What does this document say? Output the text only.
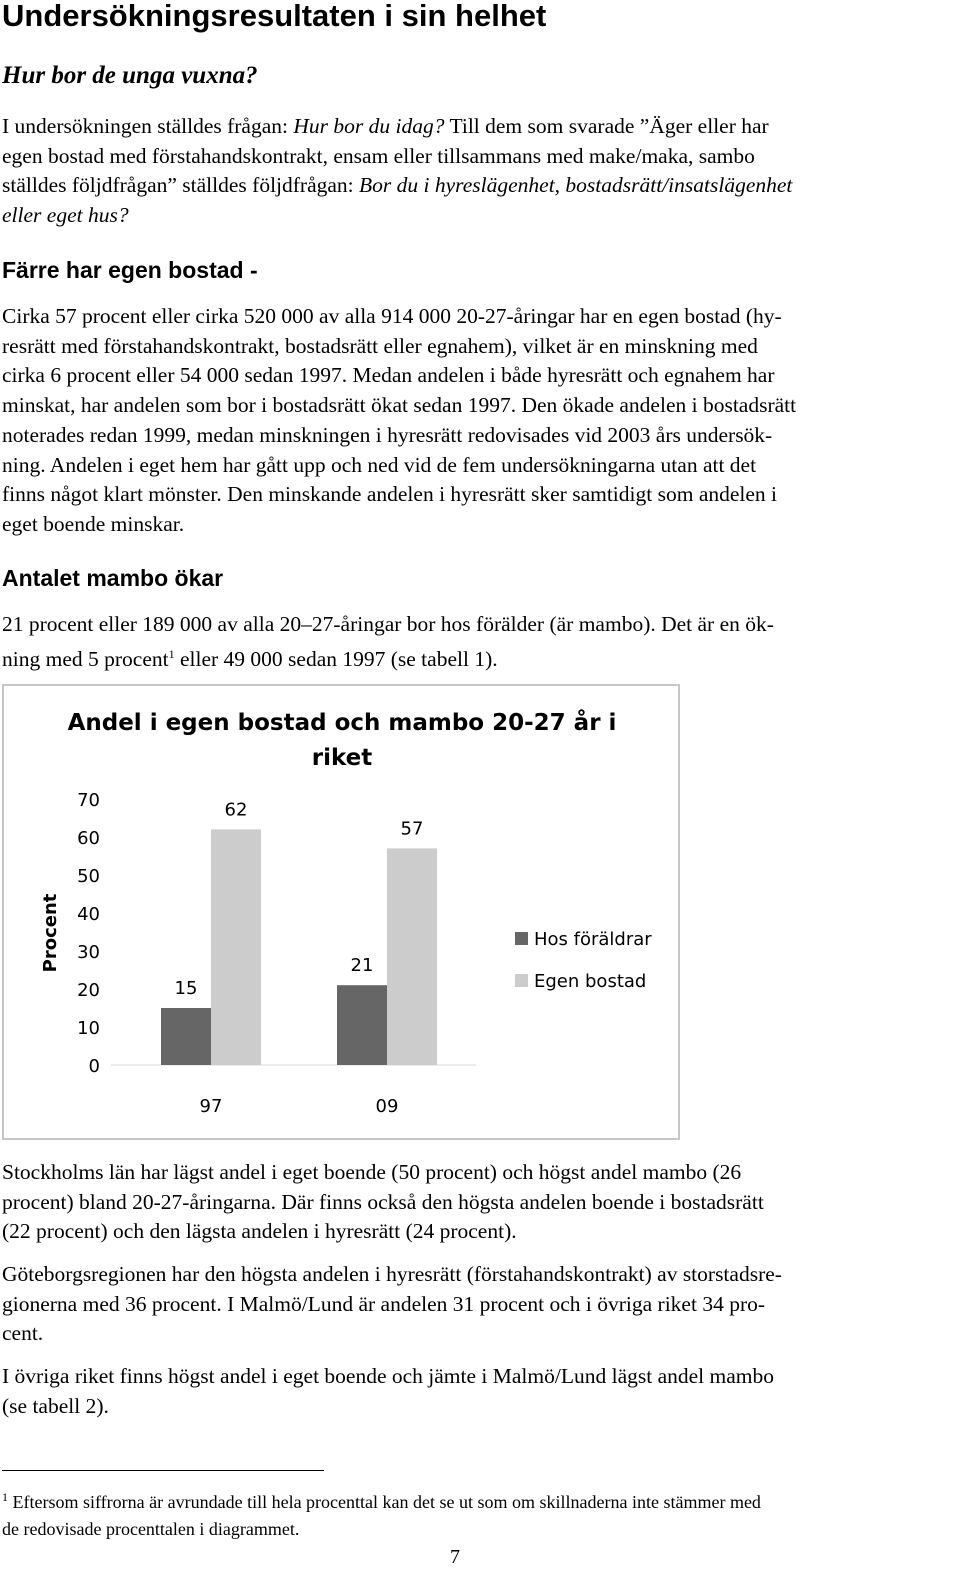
Undersökningsresultaten i sin helhet
Hur bor de unga vuxna?
I undersökningen ställdes frågan: Hur bor du idag? Till dem som svarade ”Äger eller har
egen bostad med förstahandskontrakt, ensam eller tillsammans med make/maka, sambo
ställdes följdfrågan” ställdes följdfrågan: Bor du i hyreslägenhet, bostadsrätt/insatslägenhet
eller eget hus?
Färre har egen bostad -
Cirka 57 procent eller cirka 520 000 av alla 914 000 20-27-åringar har en egen bostad (hy-
resrätt med förstahandskontrakt, bostadsrätt eller egnahem), vilket är en minskning med
cirka 6 procent eller 54 000 sedan 1997. Medan andelen i både hyresrätt och egnahem har
minskat, har andelen som bor i bostadsrätt ökat sedan 1997. Den ökade andelen i bostadsrätt
noterades redan 1999, medan minskningen i hyresrätt redovisades vid 2003 års undersök-
ning. Andelen i eget hem har gått upp och ned vid de fem undersökningarna utan att det
finns något klart mönster. Den minskande andelen i hyresrätt sker samtidigt som andelen i
eget boende minskar.
Antalet mambo ökar
21 procent eller 189 000 av alla 20–27-åringar bor hos förälder (är mambo). Det är en ök-
ning med 5 procent$^1$ eller 49 000 sedan 1997 (se tabell 1).
Andel i egen bostad och mambo 20-27 år i
riket
Procent
0
10
20
30
40
50
60
70
15
62
97
21
57
09
Hos föräldrar
Egen bostad
Stockholms län har lägst andel i eget boende (50 procent) och högst andel mambo (26
procent) bland 20-27-åringarna. Där finns också den högsta andelen boende i bostadsrätt
(22 procent) och den lägsta andelen i hyresrätt (24 procent).
Göteborgsregionen har den högsta andelen i hyresrätt (förstahandskontrakt) av storstadsre-
gionerna med 36 procent. I Malmö/Lund är andelen 31 procent och i övriga riket 34 pro-
cent.
I övriga riket finns högst andel i eget boende och jämte i Malmö/Lund lägst andel mambo
(se tabell 2).
$^1$ Eftersom siffrorna är avrundade till hela procenttal kan det se ut som om skillnaderna inte stämmer med
de redovisade procenttalen i diagrammet.
7
